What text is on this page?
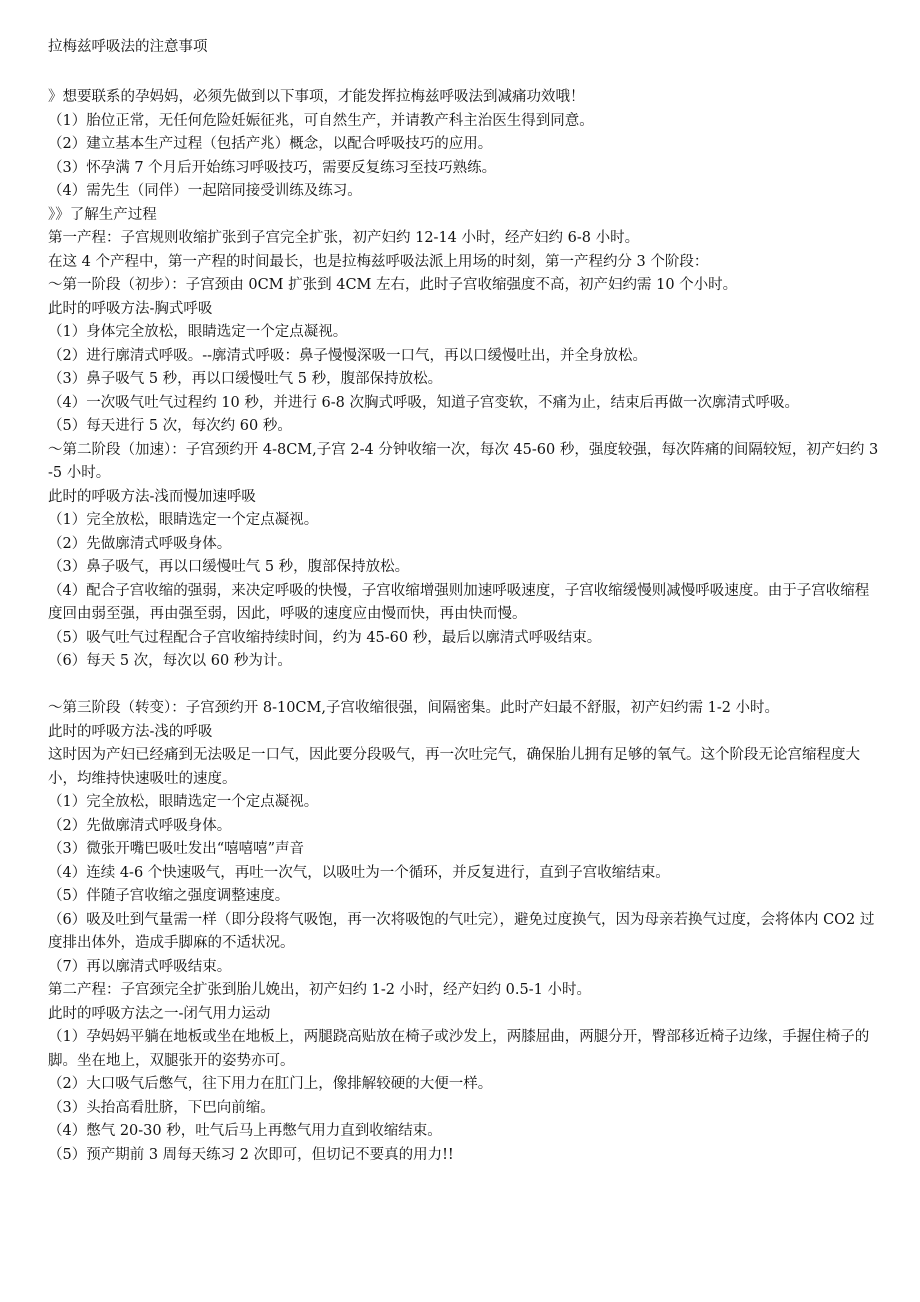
拉梅兹呼吸法的注意事项
》想要联系的孕妈妈，必须先做到以下事项，才能发挥拉梅兹呼吸法到减痛功效哦！
（1）胎位正常，无任何危险妊娠征兆，可自然生产，并请教产科主治医生得到同意。
（2）建立基本生产过程（包括产兆）概念，以配合呼吸技巧的应用。
（3）怀孕满 7 个月后开始练习呼吸技巧，需要反复练习至技巧熟练。
（4）需先生（同伴）一起陪同接受训练及练习。
》》了解生产过程
第一产程：子宫规则收缩扩张到子宫完全扩张，初产妇约 12-14 小时，经产妇约 6-8 小时。
在这 4 个产程中，第一产程的时间最长，也是拉梅兹呼吸法派上用场的时刻，第一产程约分 3 个阶段：
～第一阶段（初步）：子宫颈由 0CM 扩张到 4CM 左右，此时子宫收缩强度不高，初产妇约需 10 个小时。
此时的呼吸方法-胸式呼吸
（1）身体完全放松，眼睛选定一个定点凝视。
（2）进行廓清式呼吸。--廓清式呼吸：鼻子慢慢深吸一口气，再以口缓慢吐出，并全身放松。
（3）鼻子吸气 5 秒，再以口缓慢吐气 5 秒，腹部保持放松。
（4）一次吸气吐气过程约 10 秒，并进行 6-8 次胸式呼吸，知道子宫变软，不痛为止，结束后再做一次廓清式呼吸。
（5）每天进行 5 次，每次约 60 秒。
～第二阶段（加速）：子宫颈约开 4-8CM,子宫 2-4 分钟收缩一次，每次 45-60 秒，强度较强，每次阵痛的间隔较短，初产妇约 3-5 小时。
此时的呼吸方法-浅而慢加速呼吸
（1）完全放松，眼睛选定一个定点凝视。
（2）先做廓清式呼吸身体。
（3）鼻子吸气，再以口缓慢吐气 5 秒，腹部保持放松。
（4）配合子宫收缩的强弱，来决定呼吸的快慢，子宫收缩增强则加速呼吸速度，子宫收缩缓慢则减慢呼吸速度。由于子宫收缩程度回由弱至强，再由强至弱，因此，呼吸的速度应由慢而快，再由快而慢。
（5）吸气吐气过程配合子宫收缩持续时间，约为 45-60 秒，最后以廓清式呼吸结束。
（6）每天 5 次，每次以 60 秒为计。
～第三阶段（转变）：子宫颈约开 8-10CM,子宫收缩很强，间隔密集。此时产妇最不舒服，初产妇约需 1-2 小时。
此时的呼吸方法-浅的呼吸
这时因为产妇已经痛到无法吸足一口气，因此要分段吸气，再一次吐完气，确保胎儿拥有足够的氧气。这个阶段无论宫缩程度大小，均维持快速吸吐的速度。
（1）完全放松，眼睛选定一个定点凝视。
（2）先做廓清式呼吸身体。
（3）微张开嘴巴吸吐发出“嘻嘻嘻”声音
（4）连续 4-6 个快速吸气，再吐一次气，以吸吐为一个循环，并反复进行，直到子宫收缩结束。
（5）伴随子宫收缩之强度调整速度。
（6）吸及吐到气量需一样（即分段将气吸饱，再一次将吸饱的气吐完），避免过度换气，因为母亲若换气过度，会将体内 CO2 过度排出体外，造成手脚麻的不适状况。
（7）再以廓清式呼吸结束。
第二产程：子宫颈完全扩张到胎儿娩出，初产妇约 1-2 小时，经产妇约 0.5-1 小时。
此时的呼吸方法之一-闭气用力运动
（1）孕妈妈平躺在地板或坐在地板上，两腿跷高贴放在椅子或沙发上，两膝屈曲，两腿分开，臀部移近椅子边缘，手握住椅子的脚。坐在地上，双腿张开的姿势亦可。
（2）大口吸气后憋气，往下用力在肛门上，像排解较硬的大便一样。
（3）头抬高看肚脐，下巴向前缩。
（4）憋气 20-30 秒，吐气后马上再憋气用力直到收缩结束。
（5）预产期前 3 周每天练习 2 次即可，但切记不要真的用力!!
